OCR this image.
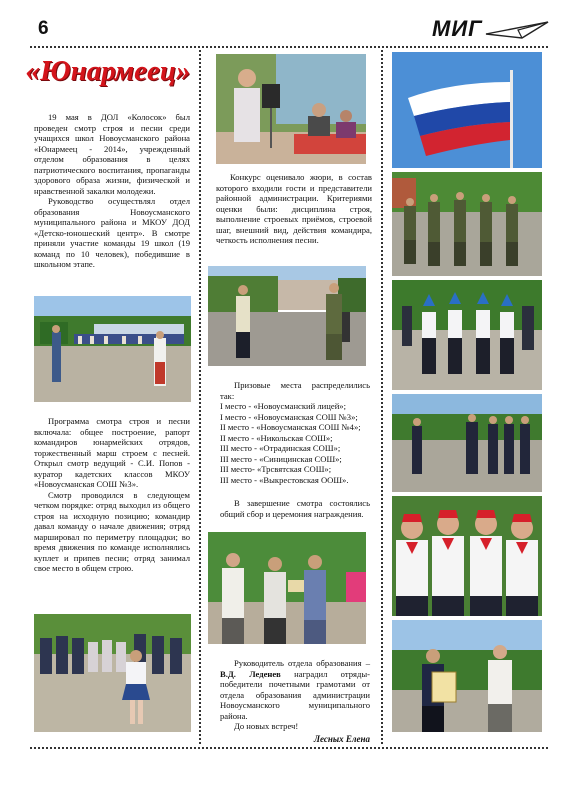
6	МИГ
«Юнармеец»

19 мая в ДОЛ «Колосок» был проведен смотр строя и песни среди учащихся школ Новоусманского района «Юнармеец - 2014», учрежденный отделом образования в целях патриотического воспитания, пропаганды здорового образа жизни, физической и нравственной закалки молодежи.

Руководство осуществлял отдел образования Новоусманского муниципального района и МКОУ ДОД «Детско-юношеский центр». В смотре приняли участие команды 19 школ (19 команд по 10 человек), победившие в школьном этапе.

Программа смотра строя и песни включала: общее построение, рапорт командиров юнармейских отрядов, торжественный марш строем с песней. Открыл смотр ведущий - С.И. Попов - куратор кадетских классов МКОУ «Новоусманская СОШ №3».

Смотр проводился в следующем четком порядке: отряд выходил из общего строя на исходную позицию; командир давал команду о начале движения; отряд маршировал по периметру площадки; во время движения по команде исполнялись куплет и припев песни; отряд занимал свое место в общем строю.

Конкурс оценивало жюри, в состав которого входили гости и представители районной администрации. Критериями оценки были: дисциплина строя, выполнение строевых приёмов, строевой шаг, внешний вид, действия командира, четкость исполнения песни.

Призовые места распределились так:

I место - «Новоусманский лицей»;
I место - «Новоусманская СОШ №3»;
II место - «Новоусманская СОШ №4»;
II место - «Никольская СОШ»;
III место - «Отрадинская СОШ»;
III место - «Синицинская СОШ»;
III место- «Трсвятская СОШ»;
III место - «Выкрестовская ООШ».

В завершение смотра состоялись общий сбор и церемония награждения.

Руководитель отдела образования – В.Д. Леденев наградил отряды-победители почетными грамотами от отдела образования администрации Новоусманского муниципального района.

До новых встреч!

Лесных Елена
